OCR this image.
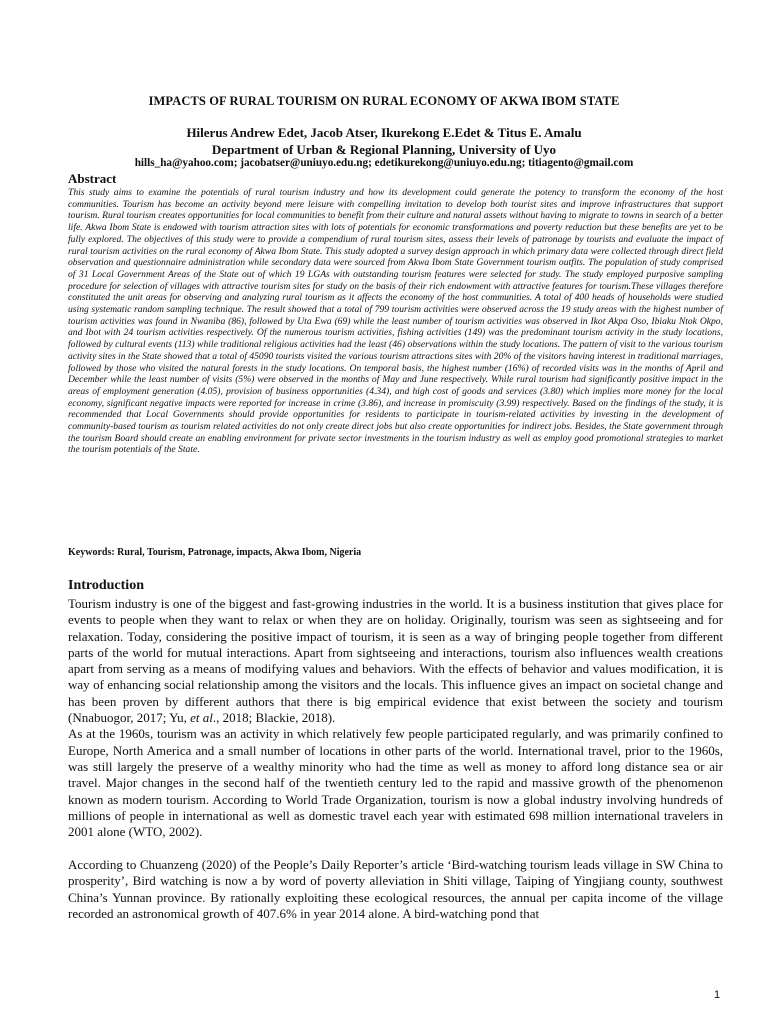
IMPACTS OF RURAL TOURISM ON RURAL ECONOMY OF AKWA IBOM STATE
Hilerus Andrew Edet, Jacob Atser, Ikurekong E.Edet & Titus E. Amalu
Department of Urban & Regional Planning, University of Uyo
hills_ha@yahoo.com; jacobatser@uniuyo.edu.ng; edetikurekong@uniuyo.edu.ng; titiagento@gmail.com
Abstract
This study aims to examine the potentials of rural tourism industry and how its development could generate the potency to transform the economy of the host communities. Tourism has become an activity beyond mere leisure with compelling invitation to develop both tourist sites and improve infrastructures that support tourism. Rural tourism creates opportunities for local communities to benefit from their culture and natural assets without having to migrate to towns in search of a better life. Akwa Ibom State is endowed with tourism attraction sites with lots of potentials for economic transformations and poverty reduction but these benefits are yet to be fully explored. The objectives of this study were to provide a compendium of rural tourism sites, assess their levels of patronage by tourists and evaluate the impact of rural tourism activities on the rural economy of Akwa Ibom State. This study adopted a survey design approach in which primary data were collected through direct field observation and questionnaire administration while secondary data were sourced from Akwa Ibom State Government tourism outfits. The population of study comprised of 31 Local Government Areas of the State out of which 19 LGAs with outstanding tourism features were selected for study. The study employed purposive sampling procedure for selection of villages with attractive tourism sites for study on the basis of their rich endowment with attractive features for tourism.These villages therefore constituted the unit areas for observing and analyzing rural tourism as it affects the economy of the host communities. A total of 400 heads of households were studied using systematic random sampling technique. The result showed that a total of 799 tourism activities were observed across the 19 study areas with the highest number of tourism activities was found in Nwaniba (86), followed by Uta Ewa (69) while the least number of tourism activities was observed in Ikot Akpa Oso, Ibiaku Ntok Okpo, and Ibot with 24 tourism activities respectively. Of the numerous tourism activities, fishing activities (149) was the predominant tourism activity in the study locations, followed by cultural events (113) while traditional religious activities had the least (46) observations within the study locations. The pattern of visit to the various tourism activity sites in the State showed that a total of 45090 tourists visited the various tourism attractions sites with 20% of the visitors having interest in traditional marriages, followed by those who visited the natural forests in the study locations. On temporal basis, the highest number (16%) of recorded visits was in the months of April and December while the least number of visits (5%) were observed in the months of May and June respectively. While rural tourism had significantly positive impact in the areas of employment generation (4.05), provision of business opportunities (4.34), and high cost of goods and services (3.80) which implies more money for the local economy, significant negative impacts were reported for increase in crime (3.86), and increase in promiscuity (3.99) respectively. Based on the findings of the study, it is recommended that Local Governments should provide opportunities for residents to participate in tourism-related activities by investing in the development of community-based tourism as tourism related activities do not only create direct jobs but also create opportunities for indirect jobs. Besides, the State government through the tourism Board should create an enabling environment for private sector investments in the tourism industry as well as employ good promotional strategies to market the tourism potentials of the State.
Keywords: Rural, Tourism, Patronage, impacts, Akwa Ibom, Nigeria
Introduction
Tourism industry is one of the biggest and fast-growing industries in the world. It is a business institution that gives place for events to people when they want to relax or when they are on holiday. Originally, tourism was seen as sightseeing and for relaxation. Today, considering the positive impact of tourism, it is seen as a way of bringing people together from different parts of the world for mutual interactions. Apart from sightseeing and interactions, tourism also influences wealth creations apart from serving as a means of modifying values and behaviors. With the effects of behavior and values modification, it is way of enhancing social relationship among the visitors and the locals. This influence gives an impact on societal change and has been proven by different authors that there is big empirical evidence that exist between the society and tourism (Nnabuogor, 2017; Yu, et al., 2018; Blackie, 2018).
As at the 1960s, tourism was an activity in which relatively few people participated regularly, and was primarily confined to Europe, North America and a small number of locations in other parts of the world. International travel, prior to the 1960s, was still largely the preserve of a wealthy minority who had the time as well as money to afford long distance sea or air travel. Major changes in the second half of the twentieth century led to the rapid and massive growth of the phenomenon known as modern tourism. According to World Trade Organization, tourism is now a global industry involving hundreds of millions of people in international as well as domestic travel each year with estimated 698 million international travelers in 2001 alone (WTO, 2002).
According to Chuanzeng (2020) of the People’s Daily Reporter’s article ‘Bird-watching tourism leads village in SW China to prosperity’, Bird watching is now a by word of poverty alleviation in Shiti village, Taiping of Yingjiang county, southwest China’s Yunnan province. By rationally exploiting these ecological resources, the annual per capita income of the village recorded an astronomical growth of 407.6% in year 2014 alone. A bird-watching pond that
1
